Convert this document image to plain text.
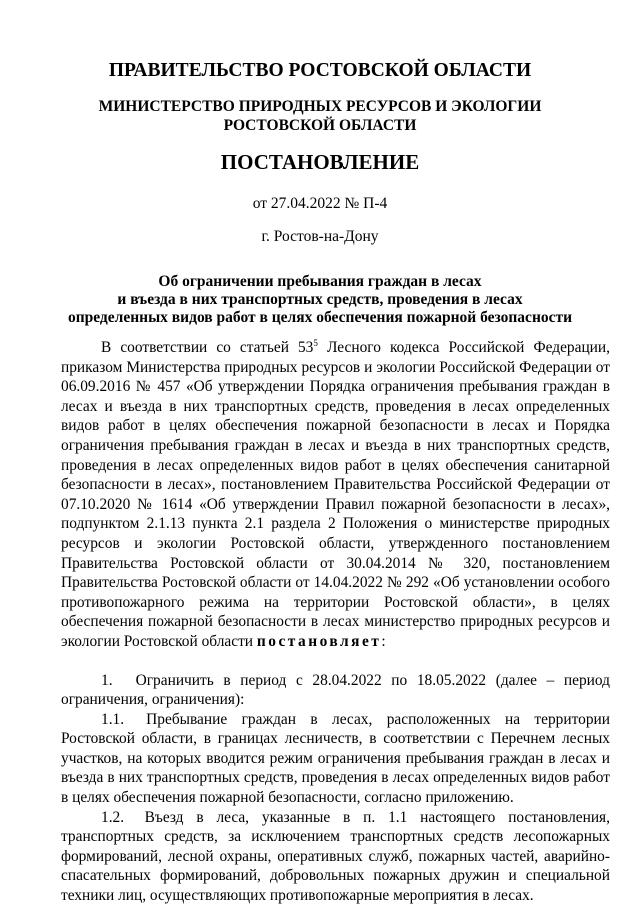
ПРАВИТЕЛЬСТВО РОСТОВСКОЙ ОБЛАСТИ
МИНИСТЕРСТВО ПРИРОДНЫХ РЕСУРСОВ И ЭКОЛОГИИ
РОСТОВСКОЙ ОБЛАСТИ
ПОСТАНОВЛЕНИЕ
от 27.04.2022 № П-4
г. Ростов-на-Дону
Об ограничении пребывания граждан в лесах
и въезда в них транспортных средств, проведения в лесах
определенных видов работ в целях обеспечения пожарной безопасности

В соответствии со статьей $53^5$ Лесного кодекса Российской Федерации, приказом Министерства природных ресурсов и экологии Российской Федерации от 06.09.2016 № 457 «Об утверждении Порядка ограничения пребывания граждан в лесах и въезда в них транспортных средств, проведения в лесах определенных видов работ в целях обеспечения пожарной безопасности в лесах и Порядка ограничения пребывания граждан в лесах и въезда в них транспортных средств, проведения в лесах определенных видов работ в целях обеспечения санитарной безопасности в лесах», постановлением Правительства Российской Федерации от 07.10.2020 № 1614 «Об утверждении Правил пожарной безопасности в лесах», подпунктом 2.1.13 пункта 2.1 раздела 2 Положения о министерстве природных ресурсов и экологии Ростовской области, утвержденного постановлением Правительства Ростовской области от 30.04.2014 № 320, постановлением Правительства Ростовской области от 14.04.2022 № 292 «Об установлении особого противопожарного режима на территории Ростовской области», в целях обеспечения пожарной безопасности в лесах министерство природных ресурсов и экологии Ростовской области постановляет:

1.  Ограничить в период с 28.04.2022 по 18.05.2022 (далее – период ограничения, ограничения):

1.1.  Пребывание граждан в лесах, расположенных на территории Ростовской области, в границах лесничеств, в соответствии с Перечнем лесных участков, на которых вводится режим ограничения пребывания граждан в лесах и въезда в них транспортных средств, проведения в лесах определенных видов работ в целях обеспечения пожарной безопасности, согласно приложению.

1.2.  Въезд в леса, указанные в п. 1.1 настоящего постановления, транспортных средств, за исключением транспортных средств лесопожарных формирований, лесной охраны, оперативных служб, пожарных частей, аварийно-спасательных формирований, добровольных пожарных дружин и специальной техники лиц, осуществляющих противопожарные мероприятия в лесах.
